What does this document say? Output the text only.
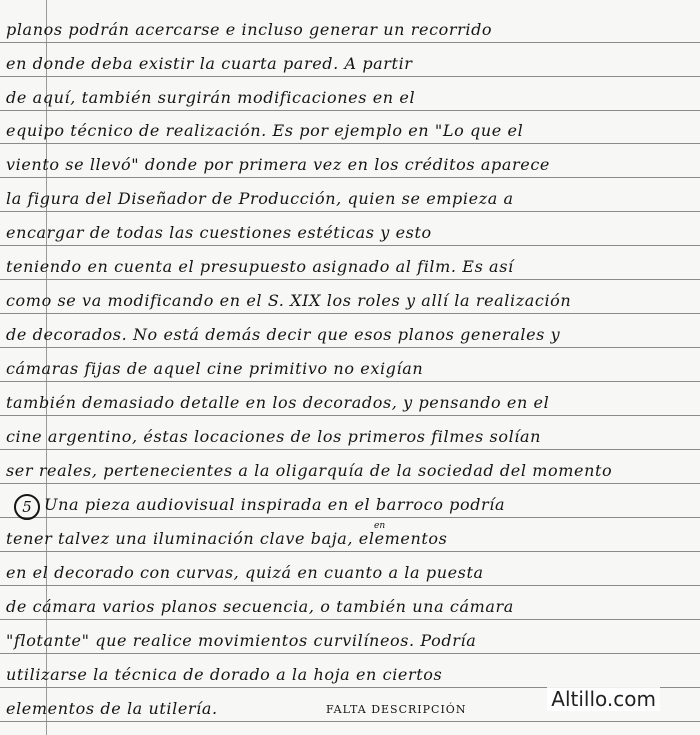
planos podrán acercarse e incluso generar un recorrido
en donde deba existir la cuarta pared. A partir
de aquí, también surgirán modificaciones en el
equipo técnico de realización. Es por ejemplo en "Lo que el
viento se llevó" donde por primera vez en los créditos aparece
la figura del Diseñador de Producción, quien se empieza a
encargar de todas las cuestiones estéticas y esto
teniendo en cuenta el presupuesto asignado al film. Es así
como se va modificando en el S. XIX los roles y allí la realización
de decorados. No está demás decir que esos planos generales y
cámaras fijas de aquel cine primitivo no exigían
también demasiado detalle en los decorados, y pensando en el
cine argentino, éstas locaciones de los primeros filmes solían
ser reales, pertenecientes a la oligarquía de la sociedad del momento
5 Una pieza audiovisual inspirada en el barroco podría
tener talvez una iluminación clave baja, elementos
en
en el decorado con curvas, quizá en cuanto a la puesta
de cámara varios planos secuencia, o también una cámara
"flotante" que realice movimientos curvilíneos. Podría
utilizarse la técnica de dorado a la hoja en ciertos
elementos de la utilería.	FALTA DESCRIPCIÓN	Altillo.com
